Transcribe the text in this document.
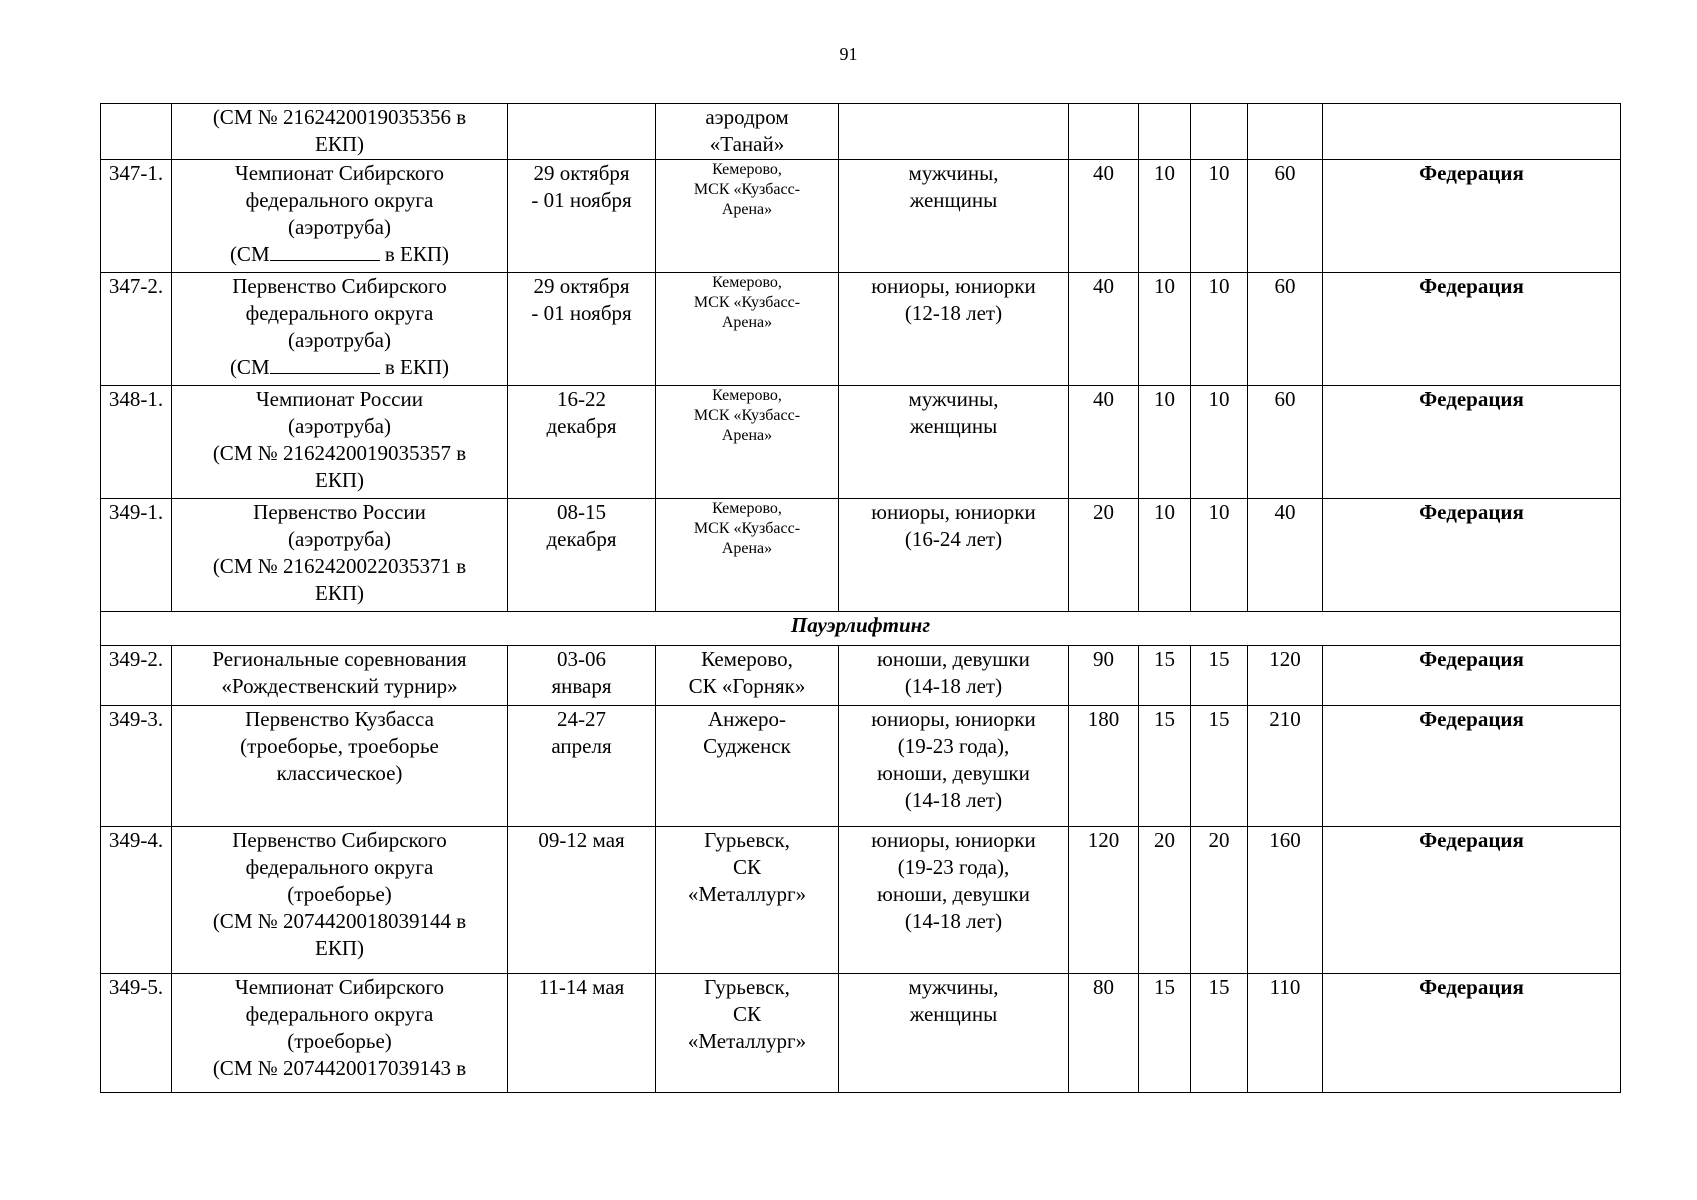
91

	(СМ № 2162420019035356 в
ЕКП)		аэродром
«Танай»						

347-1.	Чемпионат Сибирского
федерального округа
(аэротруба)
(СМ в ЕКП)	29 октября
- 01 ноября	Кемерово,
МСК «Кузбасс-
Арена»	мужчины,
женщины	40	10	10	60	Федерация
347-2.	Первенство Сибирского
федерального округа
(аэротруба)
(СМ в ЕКП)	29 октября
- 01 ноября	Кемерово,
МСК «Кузбасс-
Арена»	юниоры, юниорки
(12-18 лет)	40	10	10	60	Федерация
348-1.	Чемпионат России
(аэротруба)
(СМ № 2162420019035357 в
ЕКП)	16-22
декабря	Кемерово,
МСК «Кузбасс-
Арена»	мужчины,
женщины	40	10	10	60	Федерация
349-1.	Первенство России
(аэротруба)
(СМ № 2162420022035371 в
ЕКП)	08-15
декабря	Кемерово,
МСК «Кузбасс-
Арена»	юниоры, юниорки
(16-24 лет)	20	10	10	40	Федерация
Пауэрлифтинг									
349-2.	Региональные соревнования
«Рождественский турнир»	03-06
января	Кемерово,
СК «Горняк»	юноши, девушки
(14-18 лет)	90	15	15	120	Федерация
349-3.	Первенство Кузбасса
(троеборье, троеборье
классическое)	24-27
апреля	Анжеро-
Судженск	юниоры, юниорки
(19-23 года),
юноши, девушки
(14-18 лет)	180	15	15	210	Федерация
349-4.	Первенство Сибирского
федерального округа
(троеборье)
(СМ № 2074420018039144 в
ЕКП)	09-12 мая	Гурьевск,
СК
«Металлург»	юниоры, юниорки
(19-23 года),
юноши, девушки
(14-18 лет)	120	20	20	160	Федерация
349-5.	Чемпионат Сибирского
федерального округа
(троеборье)
(СМ № 2074420017039143 в	11-14 мая	Гурьевск,
СК
«Металлург»	мужчины,
женщины	80	15	15	110	Федерация
